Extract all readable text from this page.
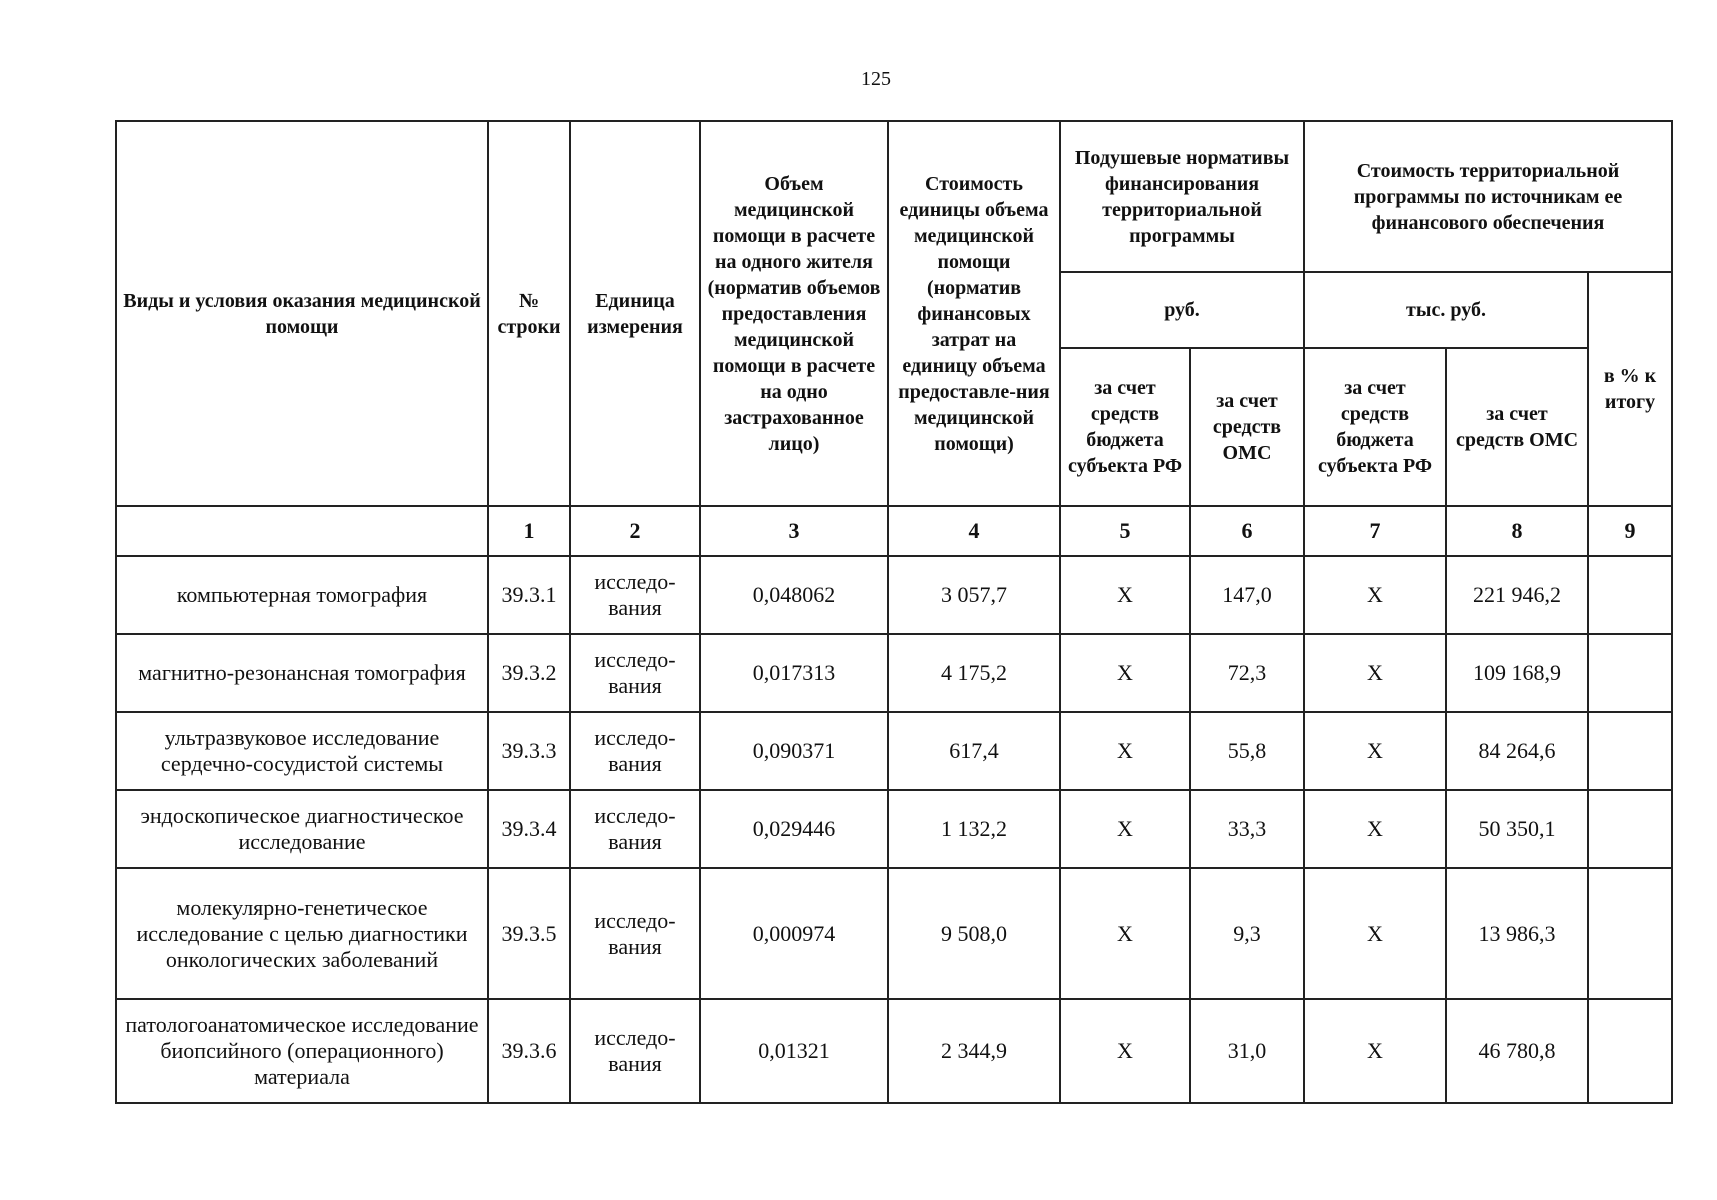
125
Виды и условия оказания медицинской помощи	№ строки	Единица измерения	Объем медицинской помощи в расчете на одного жителя (норматив объемов предоставления медицинской помощи в расчете на одно застрахованное лицо)	Стоимость единицы объема медицинской помощи (норматив финансовых затрат на единицу объема предоставле-ния медицинской помощи)	Подушевые нормативы финансирования территориальной программы		Стоимость территориальной программы по источникам ее финансового обеспечения		
					руб.		тыс. руб.		в % к итогу
					за счет средств бюджета субъекта РФ	за счет средств ОМС	за счет средств бюджета субъекта РФ	за счет средств ОМС	
	1	2	3	4	5	6	7	8	9
компьютерная томография	39.3.1	исследо-вания	0,048062	3 057,7	Х	147,0	Х	221 946,2	
магнитно-резонансная томография	39.3.2	исследо-вания	0,017313	4 175,2	Х	72,3	Х	109 168,9	
ультразвуковое исследование сердечно-сосудистой системы	39.3.3	исследо-вания	0,090371	617,4	Х	55,8	Х	84 264,6	
эндоскопическое диагностическое исследование	39.3.4	исследо-вания	0,029446	1 132,2	Х	33,3	Х	50 350,1	
молекулярно-генетическое исследование с целью диагностики онкологических заболеваний	39.3.5	исследо-вания	0,000974	9 508,0	Х	9,3	Х	13 986,3	
патологоанатомическое исследование биопсийного (операционного) материала	39.3.6	исследо-вания	0,01321	2 344,9	Х	31,0	Х	46 780,8	
